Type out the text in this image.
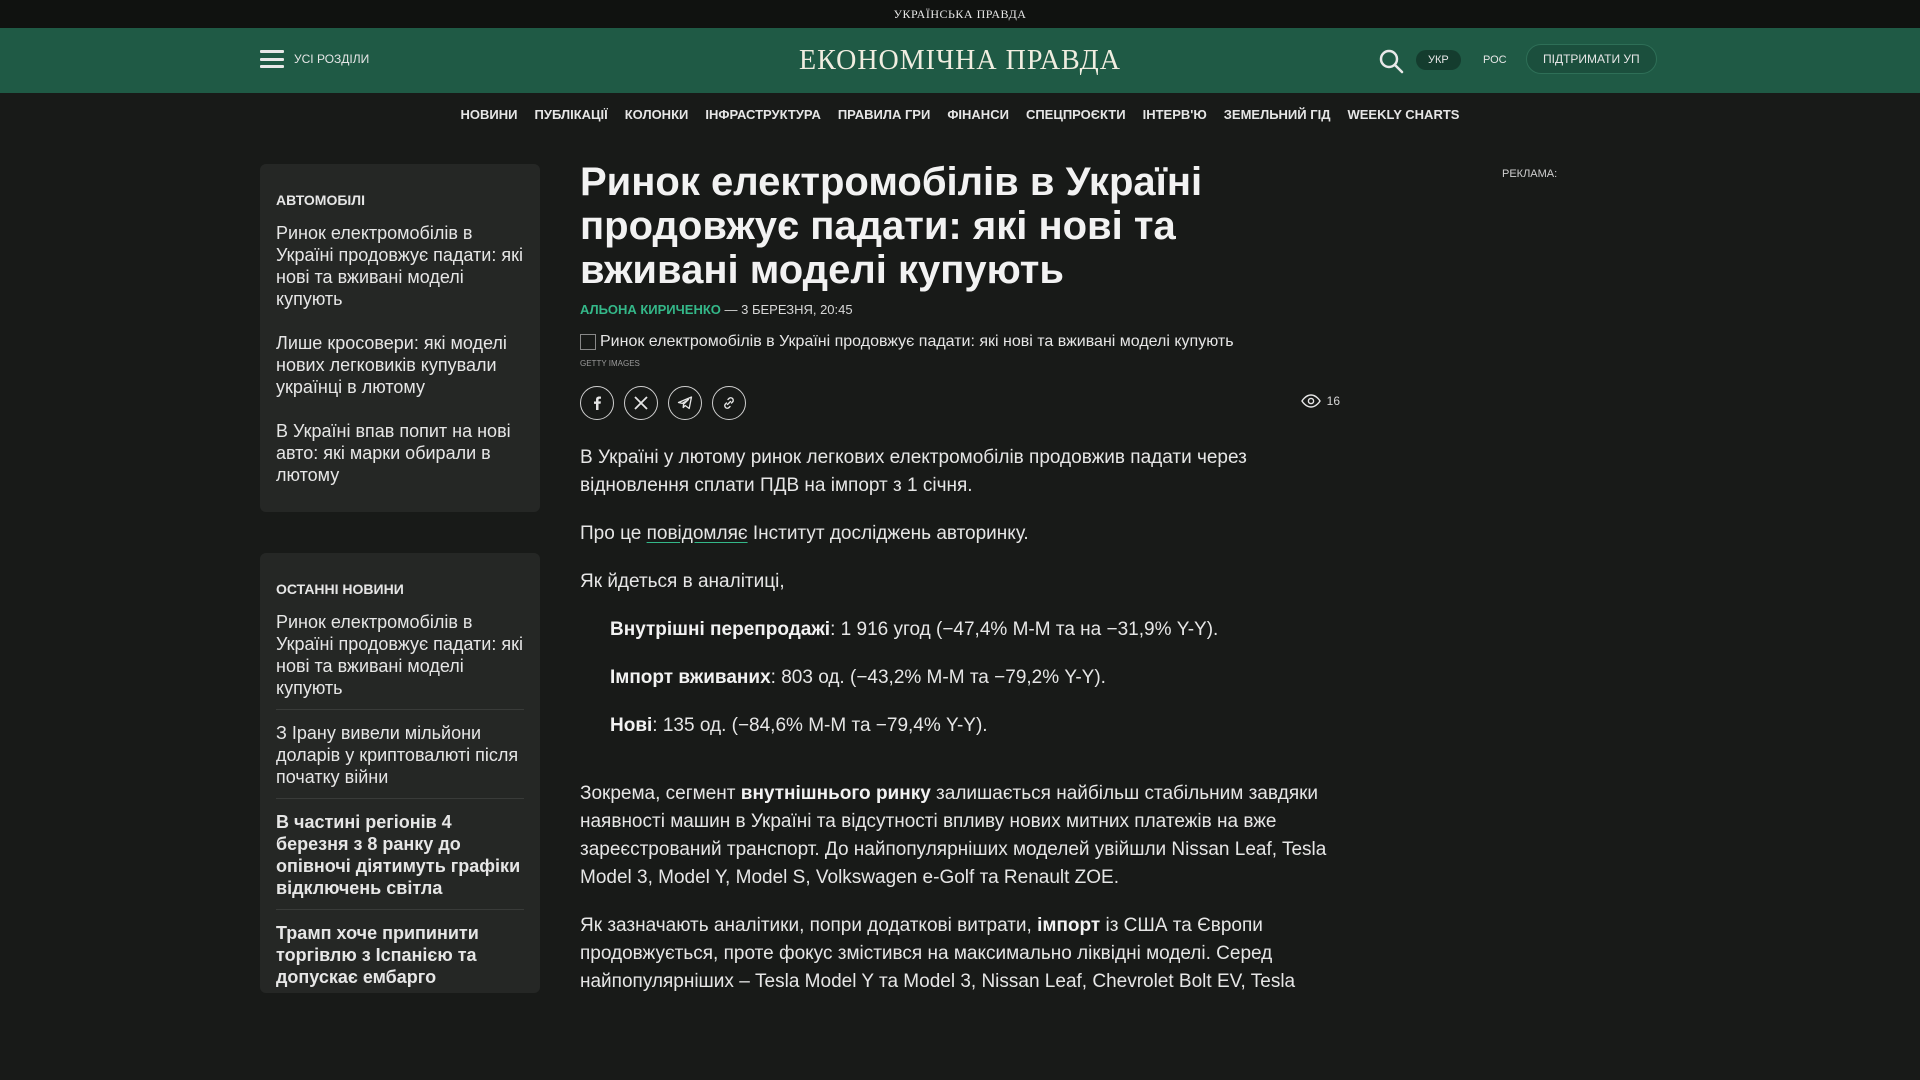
УКРАЇНСЬКА ПРАВДА
УСІ РОЗДІЛИ	ЕКОНОМІЧНА ПРАВДА	УКР	РОС	ПІДТРИМАТИ УП
НОВИНИ ПУБЛІКАЦІЇ КОЛОНКИ ІНФРАСТРУКТУРА ПРАВИЛА ГРИ ФІНАНСИ СПЕЦПРОЄКТИ ІНТЕРВ'Ю ЗЕМЕЛЬНИЙ ГІД WEEKLY CHARTS
АВТОМОБІЛІ
Ринок електромобілів в Україні продовжує падати: які нові та вживані моделі купують
Лише кросовери: які моделі нових легковиків купували українці в лютому
В Україні впав попит на нові авто: які марки обирали в лютому
ОСТАННІ НОВИНИ
Ринок електромобілів в Україні продовжує падати: які нові та вживані моделі купують
З Ірану вивели мільйони доларів у криптовалюті після початку війни
В частині регіонів 4 березня з 8 ранку до опівночі діятимуть графіки відключень світла
Трамп хоче припинити торгівлю з Іспанією та допускає ембарго
Ринок електромобілів в Україні продовжує падати: які нові та вживані моделі купують
АЛЬОНА КИРИЧЕНКО — 3 БЕРЕЗНЯ, 20:45
Ринок електромобілів в Україні продовжує падати: які нові та вживані моделі купують
GETTY IMAGES
16

В Україні у лютому ринок легкових електромобілів продовжив падати через відновлення сплати ПДВ на імпорт з 1 січня.

Про це повідомляє Інститут досліджень авторинку.

Як йдеться в аналітиці,

Внутрішні перепродажі: 1 916 угод (−47,4% М-М та на −31,9% Y-Y).

Імпорт вживаних: 803 од. (−43,2% М-М та −79,2% Y-Y).

Нові: 135 од. (−84,6% М-М та −79,4% Y-Y).

Зокрема, сегмент внутнішнього ринку залишається найбільш стабільним завдяки наявності машин в Україні та відсутності впливу нових митних платежів на вже зареєстрований транспорт. До найпопулярніших моделей увійшли Nissan Leaf, Tesla Model 3, Model Y, Model S, Volkswagen e-Golf та Renault ZOE.

Як зазначають аналітики, попри додаткові витрати, імпорт із США та Європи продовжується, проте фокус змістився на максимально ліквідні моделі. Серед найпопулярніших – Tesla Model Y та Model 3, Nissan Leaf, Chevrolet Bolt EV, Tesla

РЕКЛАМА:
